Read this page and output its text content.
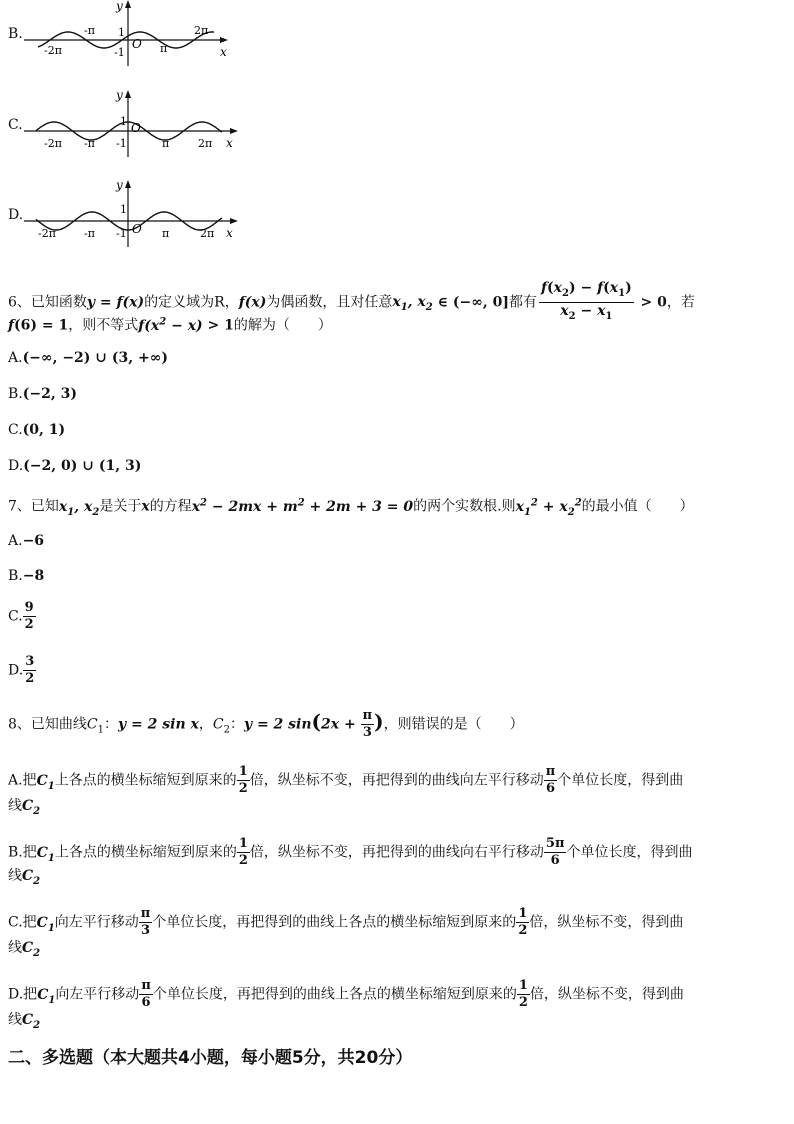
B.
y
x
1
-1
O
-2π
-π
π
2π
C.
y
x
1
-1
O
-2π -π	π	2π
D.
y
x
1
-1 O
-2π	-π	π	2π
6、已知函数y = f(x)的定义域为R，f(x)为偶函数，且对任意$x_1$, $x_2$ ∈ (−∞, 0]都有 $\frac{f(x_2) - f(x_1)}{x_2 - x_1} > 0$，若
f(6) = 1，则不等式$f(x^2 - x) > 1$的解为（　　）
A.(−∞, −2) ∪ (3, +∞)
B.(−2, 3)
C.(0, 1)
D.(−2, 0) ∪ (1, 3)
7、已知$x_1$, $x_2$是关于x的方程$x^2 - 2mx + m^2 + 2m + 3 = 0$的两个实数根.则$x_1^2 + x_2^2$的最小值（　　）
A.−6
B.−8
C. $\frac{9}{2}$
D. $\frac{3}{2}$
8、已知曲线$C_1$：y = 2 sin x，$C_2$：y = 2 $\sin(2x + \frac{\pi}{3}$ )，则错误的是（　　）
A.把$C_1$上各点的横坐标缩短到原来的 $\frac{1}{2}$ 倍，纵坐标不变，再把得到的曲线向左平行移动 $\frac{\pi}{6}$ 个单位长度，得到曲
线$C_2$
B.把$C_1$上各点的横坐标缩短到原来的 $\frac{1}{2}$ 倍，纵坐标不变，再把得到的曲线向右平行移动 $\frac{5\pi}{6}$ 个单位长度，得到曲
线$C_2$
C.把$C_1$向左平行移动 $\frac{\pi}{3}$ 个单位长度，再把得到的曲线上各点的横坐标缩短到原来的 $\frac{1}{2}$ 倍，纵坐标不变，得到曲
线$C_2$
D.把$C_1$向左平行移动 $\frac{\pi}{6}$ 个单位长度，再把得到的曲线上各点的横坐标缩短到原来的 $\frac{1}{2}$ 倍，纵坐标不变，得到曲
线$C_2$
二、多选题（本大题共4小题，每小题5分，共20分）
